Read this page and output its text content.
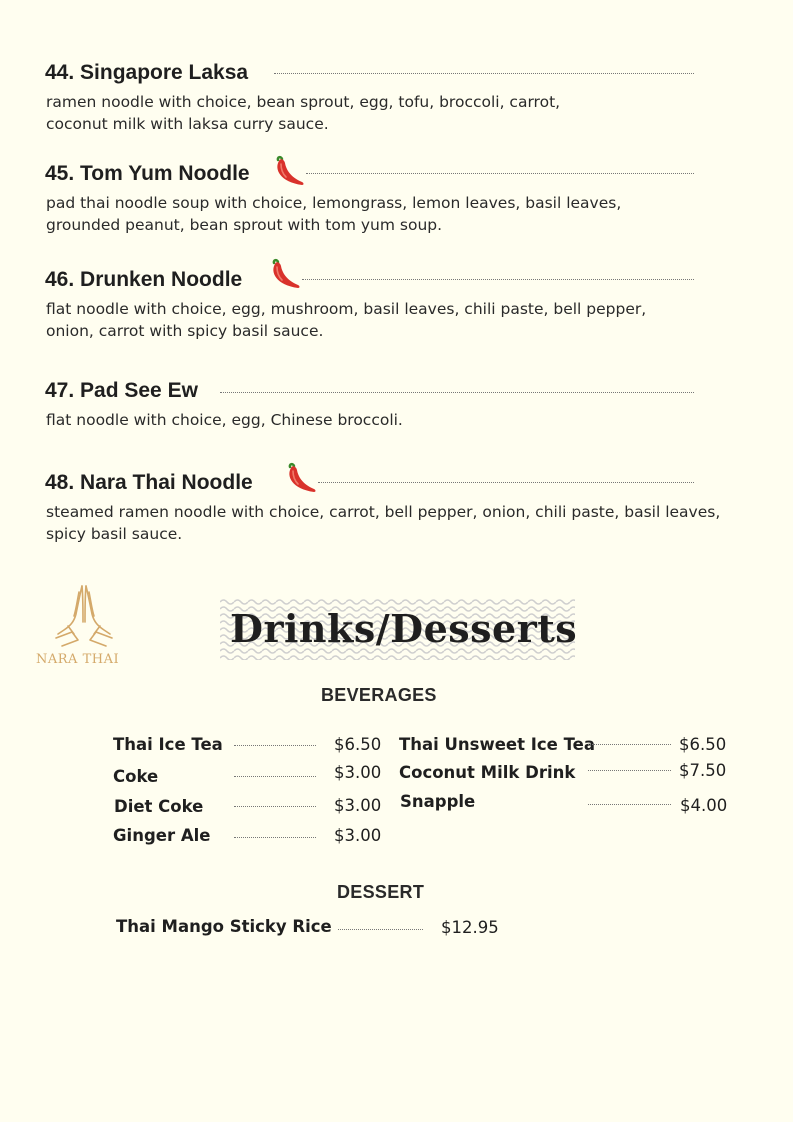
44. Singapore Laksa
ramen noodle with choice, bean sprout, egg, tofu, broccoli, carrot,
coconut milk with laksa curry sauce.
45. Tom Yum Noodle
pad thai noodle soup with choice, lemongrass, lemon leaves, basil leaves,
grounded peanut, bean sprout with tom yum soup.
46. Drunken Noodle
flat noodle with choice, egg, mushroom, basil leaves, chili paste, bell pepper,
onion, carrot with spicy basil sauce.
47. Pad See Ew
flat noodle with choice, egg, Chinese broccoli.
48. Nara Thai Noodle
steamed ramen noodle with choice, carrot, bell pepper, onion, chili paste, basil leaves,
spicy basil sauce.
NARA THAI
Drinks/Desserts
BEVERAGES
Thai Ice Tea	$6.50
Coke	$3.00
Diet Coke	$3.00
Ginger Ale	$3.00
Thai Unsweet Ice Tea	$6.50
Coconut Milk Drink	$7.50
Snapple	$4.00
DESSERT
Thai Mango Sticky Rice	$12.95
